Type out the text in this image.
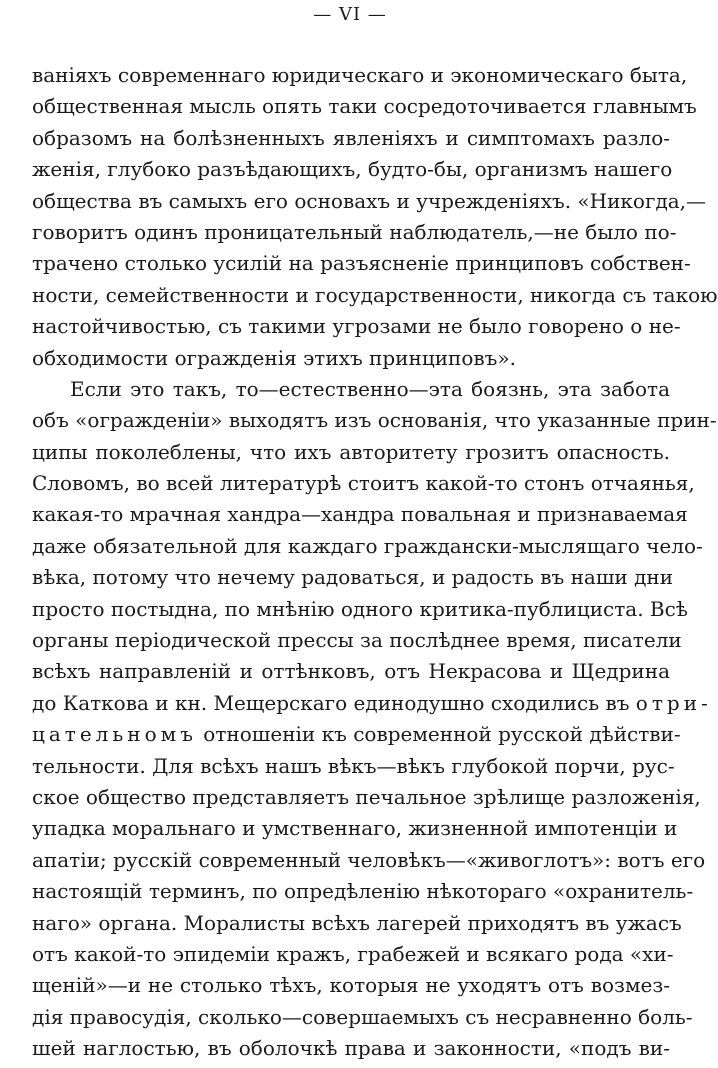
— VI —
ваніяхъ современнаго юридическаго и экономическаго быта,
общественная мысль опять таки сосредоточивается главнымъ
образомъ на болѣзненныхъ явленіяхъ и симптомахъ разло-
женія, глубоко разъѣдающихъ, будто-бы, организмъ нашего
общества въ самыхъ его основахъ и учрежденіяхъ. «Никогда,—
говоритъ одинъ проницательный наблюдатель,—не было по-
трачено столько усилій на разъясненіе принциповъ собствен-
ности, семейственности и государственности, никогда съ такою
настойчивостью, съ такими угрозами не было говорено о не-
обходимости огражденія этихъ принциповъ».
Если это такъ, то—естественно—эта боязнь, эта забота
объ «огражденіи» выходятъ изъ основанія, что указанные прин-
ципы поколеблены, что ихъ авторитету грозитъ опасность.
Словомъ, во всей литературѣ стоитъ какой-то стонъ отчаянья,
какая-то мрачная хандра—хандра повальная и признаваемая
даже обязательной для каждаго граждански-мыслящаго чело-
вѣка, потому что нечему радоваться, и радость въ наши дни
просто постыдна, по мнѣнію одного критика-публициста. Всѣ
органы періодической прессы за послѣднее время, писатели
всѣхъ направленій и оттѣнковъ, отъ Некрасова и Щедрина
до Каткова и кн. Мещерскаго единодушно сходились въ отри-
цательномъ отношеніи къ современной русской дѣйстви-
тельности. Для всѣхъ нашъ вѣкъ—вѣкъ глубокой порчи, рус-
ское общество представляетъ печальное зрѣлище разложенія,
упадка моральнаго и умственнаго, жизненной импотенціи и
апатіи; русскій современный человѣкъ—«живоглотъ»: вотъ его
настоящій терминъ, по опредѣленію нѣкотораго «охранитель-
наго» органа. Моралисты всѣхъ лагерей приходятъ въ ужасъ
отъ какой-то эпидеміи кражъ, грабежей и всякаго рода «хи-
щеній»—и не столько тѣхъ, которыя не уходятъ отъ возмез-
дія правосудія, сколько—совершаемыхъ съ несравненно боль-
шей наглостью, въ оболочкѣ права и законности, «подъ ви-
